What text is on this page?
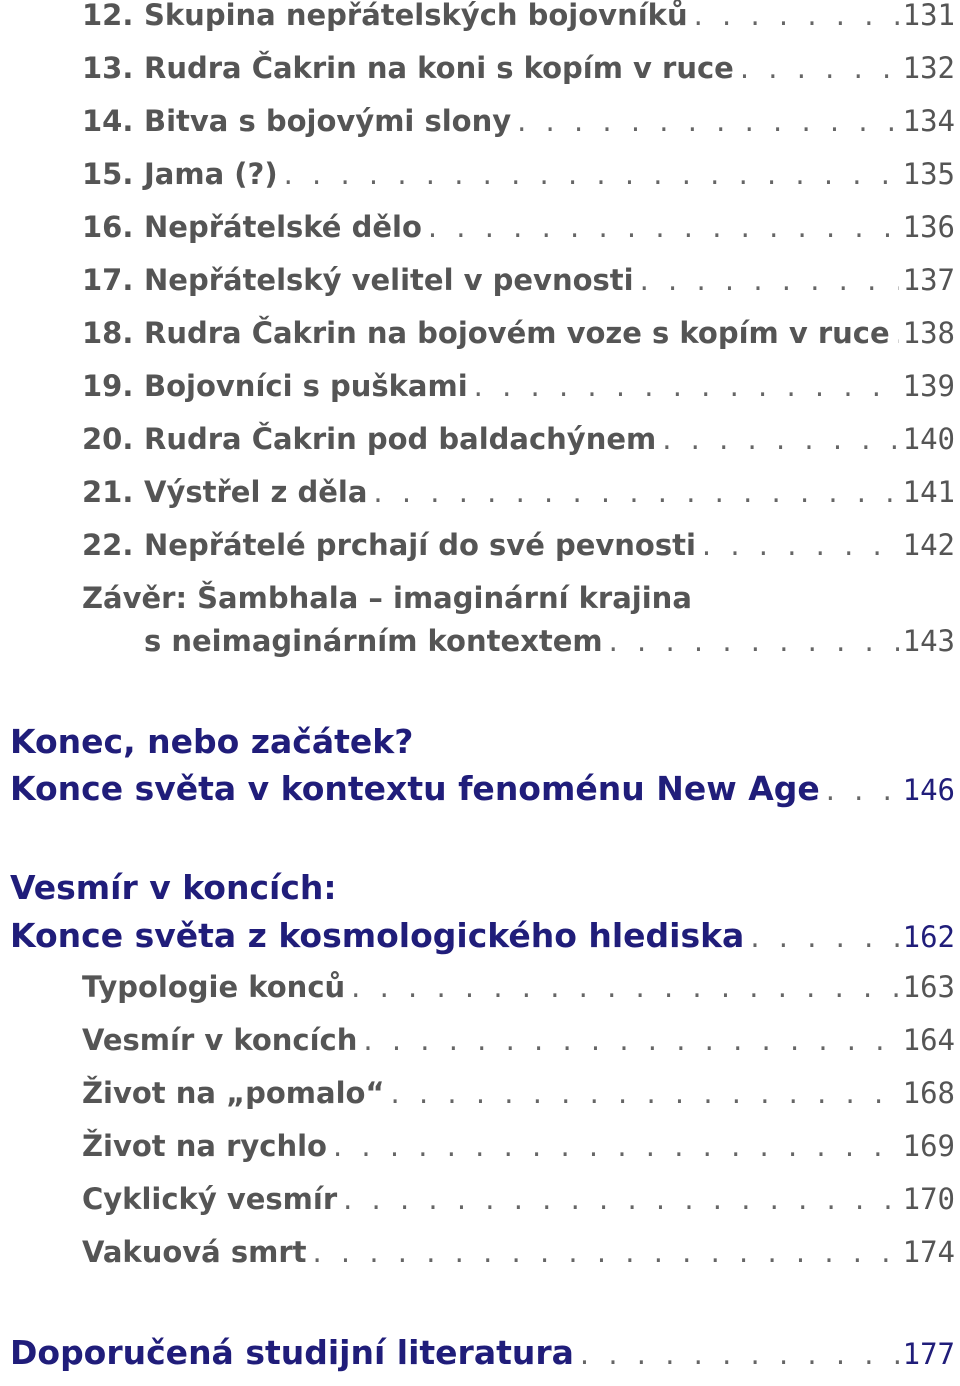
12. Skupina nepřátelských bojovníků . . .	131
13. Rudra Čakrin na koni s kopím v ruce . . .	132
14. Bitva s bojovými slony . . .	134
15. Jama (?) . . .	135
16. Nepřátelské dělo . . .	136
17. Nepřátelský velitel v pevnosti . . .	137
18. Rudra Čakrin na bojovém voze s kopím v ruce . . . 138
19. Bojovníci s puškami . . .	139
20. Rudra Čakrin pod baldachýnem . . .	140
21. Výstřel z děla . . .	141
22. Nepřátelé prchají do své pevnosti . . .	142
Závěr: Šambhala – imaginární krajina
s neimaginárním kontextem . . .	143
Konec, nebo začátek?
Konce světa v kontextu fenoménu New Age . . .	146
Vesmír v koncích:
Konce světa z kosmologického hlediska . . .	162
Typologie konců . . .	163
Vesmír v koncích . . .	164
Život na „pomalo“ . . .	168
Život na rychlo . . .	169
Cyklický vesmír . . .	170
Vakuová smrt . . .	174
Doporučená studijní literatura . . .	177
